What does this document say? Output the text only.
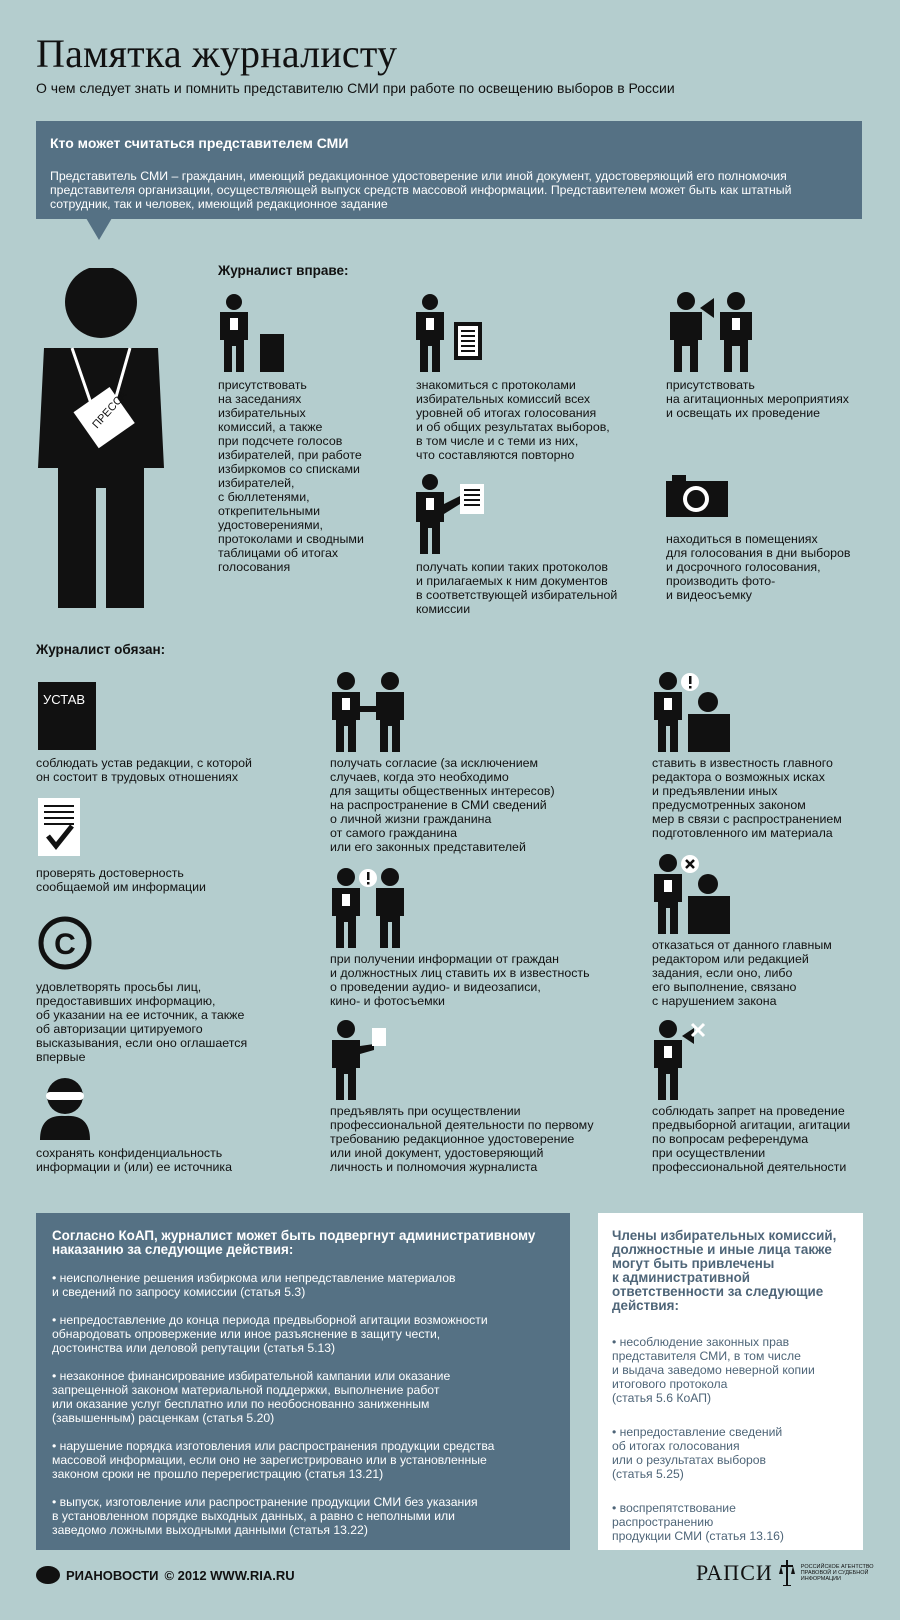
Памятка журналисту
О чем следует знать и помнить представителю СМИ при работе по освещению выборов в России
Кто может считаться представителем СМИ

Представитель СМИ – гражданин, имеющий редакционное удостоверение или иной документ, удостоверяющий его полномочия представителя организации, осуществляющей выпуск средств массовой информации. Представителем может быть как штатный сотрудник, так и человек, имеющий редакционное задание

ПРЕССА
Журналист вправе:
присутствовать
на заседаниях
избирательных
комиссий, а также
при подсчете голосов
избирателей, при работе
избиркомов со списками
избирателей,
с бюллетенями,
открепительными
удостоверениями,
протоколами и сводными
таблицами об итогах
голосования
знакомиться с протоколами
избирательных комиссий всех
уровней об итогах голосования
и об общих результатах выборов,
в том числе и с теми из них,
что составляются повторно
присутствовать
на агитационных мероприятиях
и освещать их проведение
получать копии таких протоколов
и прилагаемых к ним документов
в соответствующей избирательной
комиссии
находиться в помещениях
для голосования в дни выборов
и досрочного голосования,
производить фото-
и видеосъемку
Журналист обязан:
УСТАВ
соблюдать устав редакции, с которой
он состоит в трудовых отношениях
проверять достоверность
сообщаемой им информации
C
удовлетворять просьбы лиц,
предоставивших информацию,
об указании на ее источник, а также
об авторизации цитируемого
высказывания, если оно оглашается
впервые
сохранять конфиденциальность
информации и (или) ее источника
получать согласие (за исключением
случаев, когда это необходимо
для защиты общественных интересов)
на распространение в СМИ сведений
о личной жизни гражданина
от самого гражданина
или его законных представителей
при получении информации от граждан
и должностных лиц ставить их в известность
о проведении аудио- и видеозаписи,
кино- и фотосъемки
предъявлять при осуществлении
профессиональной деятельности по первому
требованию редакционное удостоверение
или иной документ, удостоверяющий
личность и полномочия журналиста
ставить в известность главного
редактора о возможных исках
и предъявлении иных
предусмотренных законом
мер в связи с распространением
подготовленного им материала
отказаться от данного главным
редактором или редакцией
задания, если оно, либо
его выполнение, связано
с нарушением закона
соблюдать запрет на проведение
предвыборной агитации, агитации
по вопросам референдума
при осуществлении
профессиональной деятельности
Согласно КоАП, журналист может быть подвергнут административному
наказанию за следующие действия:
• неисполнение решения избиркома или непредставление материалов
и сведений по запросу комиссии (статья 5.3)
• непредоставление до конца периода предвыборной агитации возможности
обнародовать опровержение или иное разъяснение в защиту чести,
достоинства или деловой репутации (статья 5.13)
• незаконное финансирование избирательной кампании или оказание
запрещенной законом материальной поддержки, выполнение работ
или оказание услуг бесплатно или по необоснованно заниженным
(завышенным) расценкам (статья 5.20)
• нарушение порядка изготовления или распространения продукции средства
массовой информации, если оно не зарегистрировано или в установленные
законом сроки не прошло перерегистрацию (статья 13.21)
• выпуск, изготовление или распространение продукции СМИ без указания
в установленном порядке выходных данных, а равно с неполными или
заведомо ложными выходными данными (статья 13.22)
Члены избирательных комиссий,
должностные и иные лица также
могут быть привлечены
к административной
ответственности за следующие
действия:
• несоблюдение законных прав
представителя СМИ, в том числе
и выдача заведомо неверной копии
итогового протокола
(статья 5.6 КоАП)
• непредоставление сведений
об итогах голосования
или о результатах выборов
(статья 5.25)
• воспрепятствование
распространению
продукции СМИ (статья 13.16)
РИАНОВОСТИ © 2012 WWW.RIA.RU	РАПСИ	РОССИЙСКОЕ АГЕНТСТВО ПРАВОВОЙ И СУДЕБНОЙ ИНФОРМАЦИИ
